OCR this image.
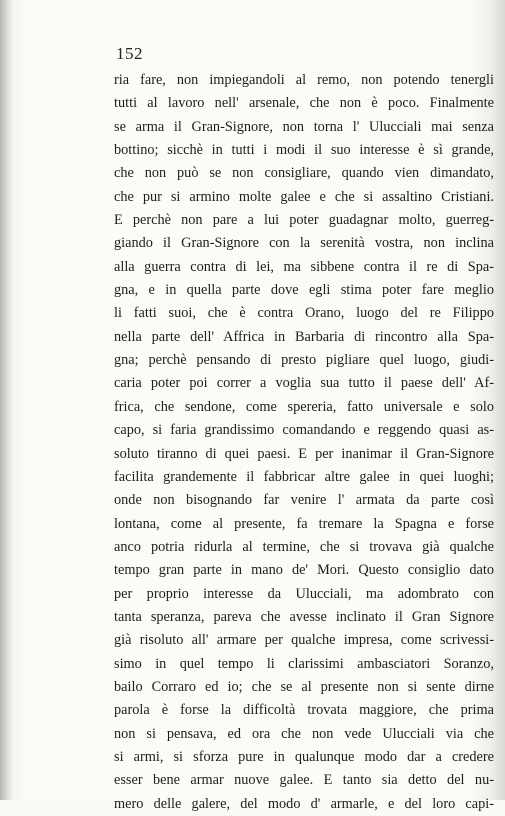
152
ria fare, non impiegandoli al remo, non potendo tenergli
tutti al lavoro nell' arsenale, che non è poco. Finalmente
se arma il Gran-Signore, non torna l' Ulucciali mai senza
bottino; sicchè in tutti i modi il suo interesse è sì grande,
che non può se non consigliare, quando vien dimandato,
che pur si armino molte galee e che si assaltino Cristiani.
E perchè non pare a lui poter guadagnar molto, guerreg-
giando il Gran-Signore con la serenità vostra, non inclina
alla guerra contra di lei, ma sibbene contra il re di Spa-
gna, e in quella parte dove egli stima poter fare meglio
li fatti suoi, che è contra Orano, luogo del re Filippo
nella parte dell' Affrica in Barbaria di rincontro alla Spa-
gna; perchè pensando di presto pigliare quel luogo, giudi-
caria poter poi correr a voglia sua tutto il paese dell' Af-
frica, che sendone, come spereria, fatto universale e solo
capo, si faria grandissimo comandando e reggendo quasi as-
soluto tiranno di quei paesi. E per inanimar il Gran-Signore
facilita grandemente il fabbricar altre galee in quei luoghi;
onde non bisognando far venire l' armata da parte così
lontana, come al presente, fa tremare la Spagna e forse
anco potria ridurla al termine, che si trovava già qualche
tempo gran parte in mano de' Mori. Questo consiglio dato
per proprio interesse da Ulucciali, ma adombrato con
tanta speranza, pareva che avesse inclinato il Gran Signore
già risoluto all' armare per qualche impresa, come scrivessi-
simo in quel tempo li clarissimi ambasciatori Soranzo,
bailo Corraro ed io; che se al presente non si sente dirne
parola è forse la difficoltà trovata maggiore, che prima
non si pensava, ed ora che non vede Ulucciali via che
si armi, si sforza pure in qualunque modo dar a credere
esser bene armar nuove galee. E tanto sia detto del nu-
mero delle galere, del modo d' armarle, e del loro capi-
